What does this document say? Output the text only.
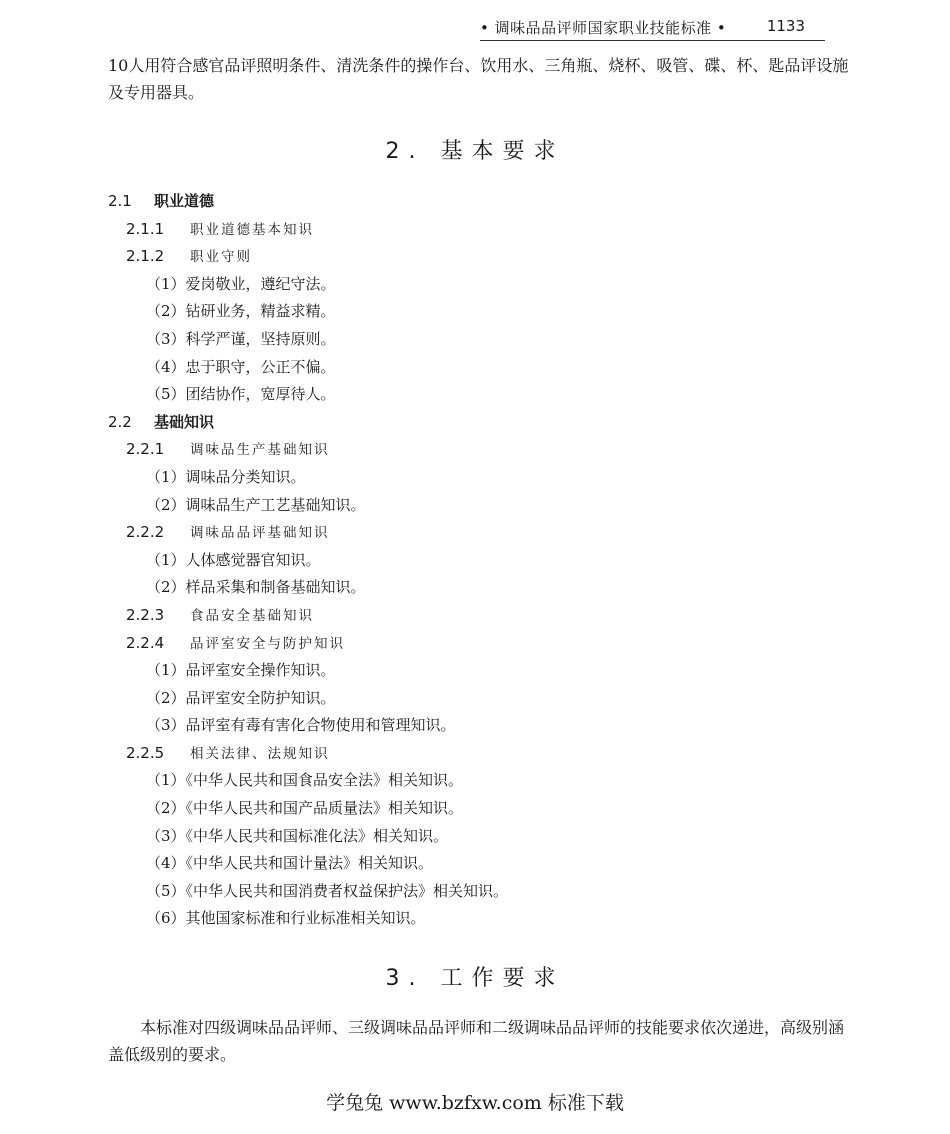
• 调味品品评师国家职业技能标准 •	1133

10人用符合感官品评照明条件、清洗条件的操作台、饮用水、三角瓶、烧杯、吸管、碟、杯、匙品评设施及专用器具。

2. 基本要求
2.1 职业道德
2.1.1 职业道德基本知识
2.1.2 职业守则
（1）爱岗敬业，遵纪守法。
（2）钻研业务，精益求精。
（3）科学严谨，坚持原则。
（4）忠于职守，公正不偏。
（5）团结协作，宽厚待人。
2.2 基础知识
2.2.1 调味品生产基础知识
（1）调味品分类知识。
（2）调味品生产工艺基础知识。
2.2.2 调味品品评基础知识
（1）人体感觉器官知识。
（2）样品采集和制备基础知识。
2.2.3 食品安全基础知识
2.2.4 品评室安全与防护知识
（1）品评室安全操作知识。
（2）品评室安全防护知识。
（3）品评室有毒有害化合物使用和管理知识。
2.2.5 相关法律、法规知识
（1）《中华人民共和国食品安全法》相关知识。
（2）《中华人民共和国产品质量法》相关知识。
（3）《中华人民共和国标准化法》相关知识。
（4）《中华人民共和国计量法》相关知识。
（5）《中华人民共和国消费者权益保护法》相关知识。
（6）其他国家标准和行业标准相关知识。
3. 工作要求

本标准对四级调味品品评师、三级调味品品评师和二级调味品品评师的技能要求依次递进，高级别涵盖低级别的要求。

学兔兔 www.bzfxw.com 标准下载
